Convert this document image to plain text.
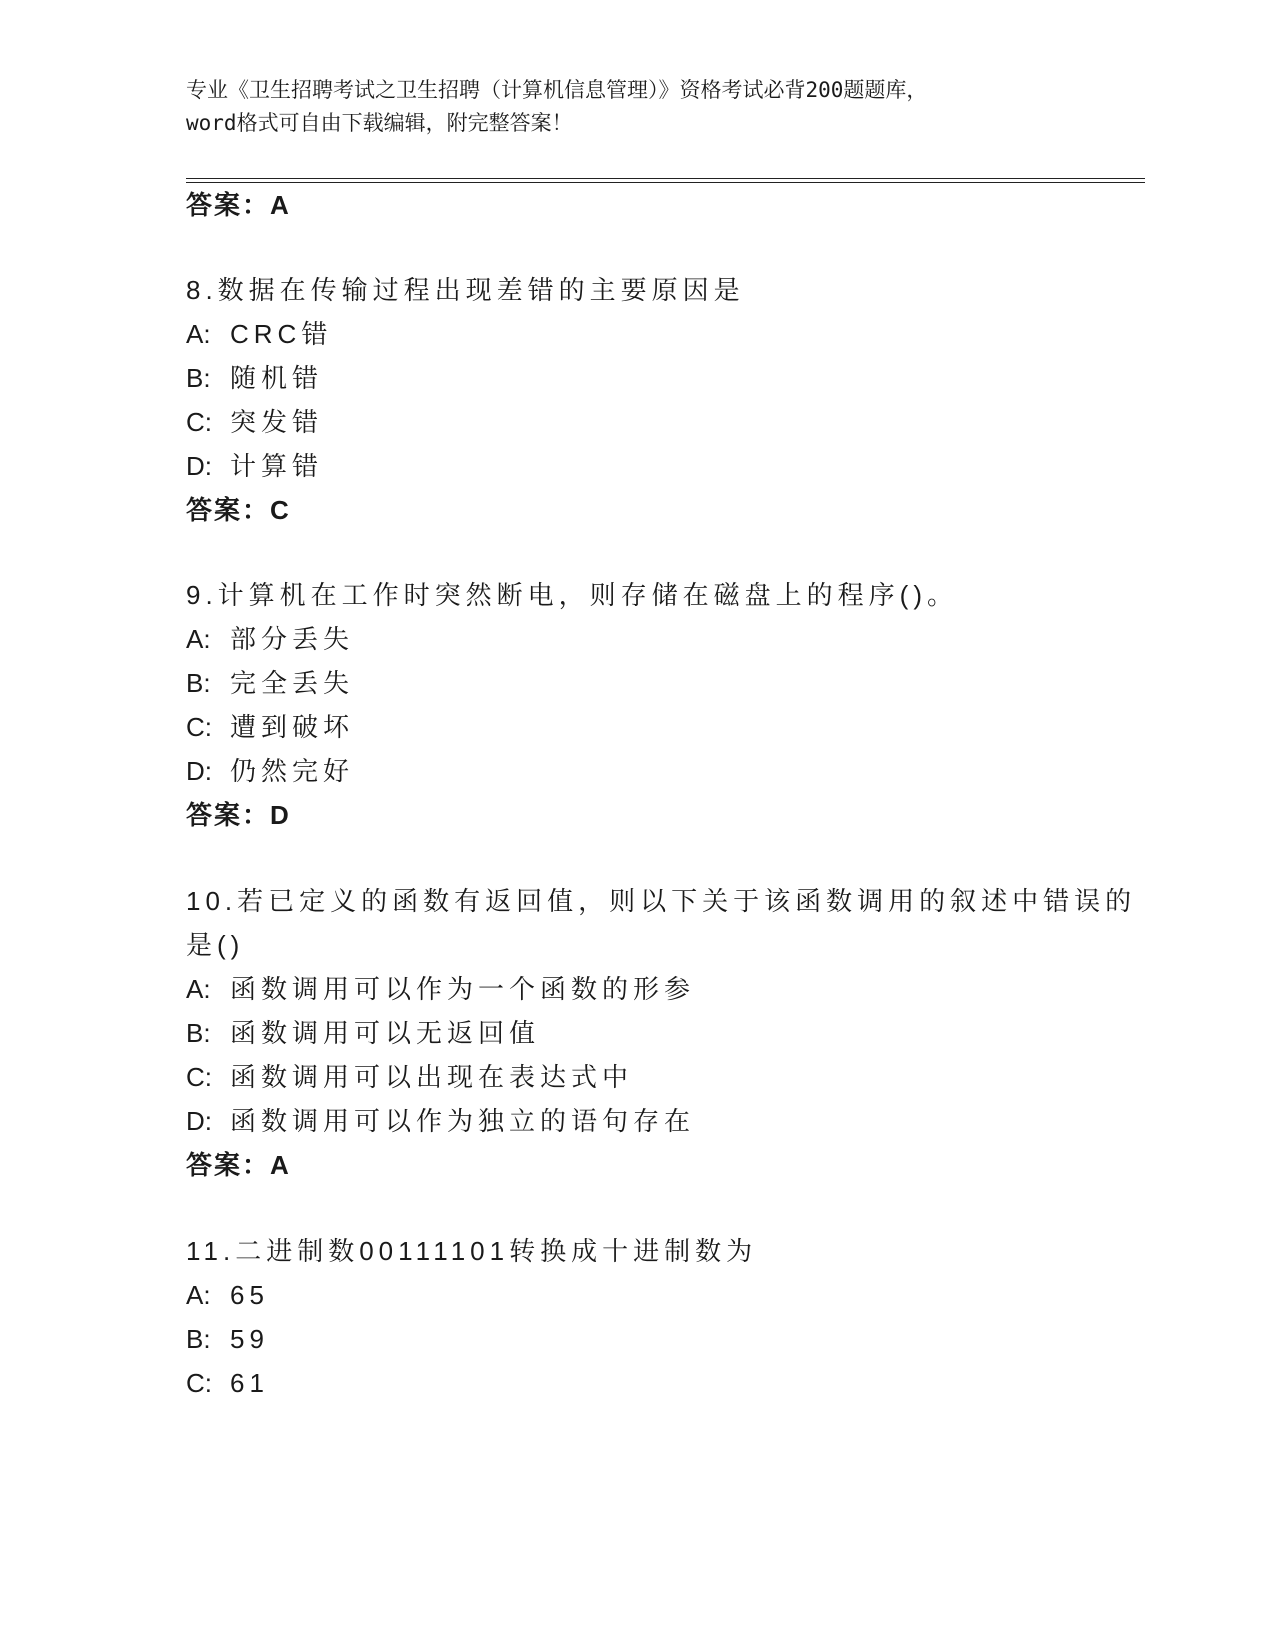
专业《卫生招聘考试之卫生招聘（计算机信息管理）》资格考试必背200题题库，
word格式可自由下载编辑，附完整答案！
答案：A
8.数据在传输过程出现差错的主要原因是
A: CRC错
B: 随机错
C: 突发错
D: 计算错
答案：C
9.计算机在工作时突然断电，则存储在磁盘上的程序()。
A: 部分丢失
B: 完全丢失
C: 遭到破坏
D: 仍然完好
答案：D
10.若已定义的函数有返回值，则以下关于该函数调用的叙述中错误的
是()
A: 函数调用可以作为一个函数的形参
B: 函数调用可以无返回值
C: 函数调用可以出现在表达式中
D: 函数调用可以作为独立的语句存在
答案：A
11.二进制数00111101转换成十进制数为
A: 65
B: 59
C: 61
